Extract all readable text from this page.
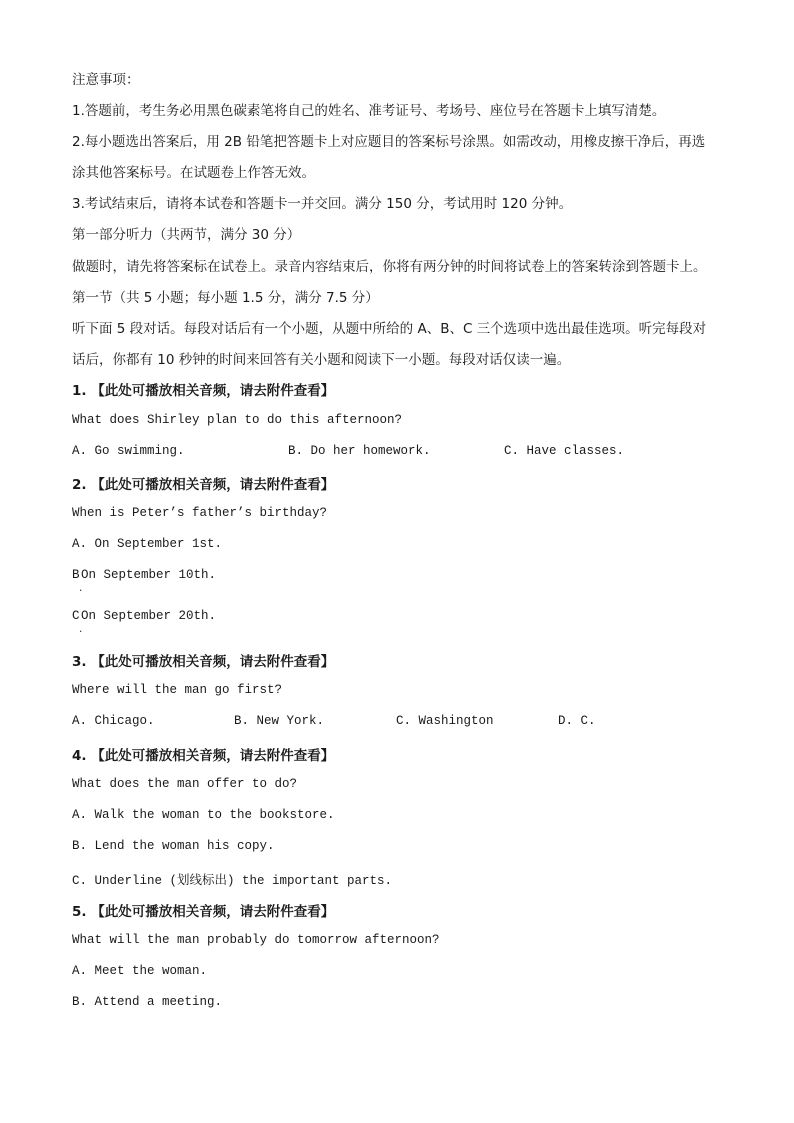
注意事项：
1.答题前，考生务必用黑色碳素笔将自己的姓名、准考证号、考场号、座位号在答题卡上填写清楚。
2.每小题选出答案后，用 2B 铅笔把答题卡上对应题目的答案标号涂黑。如需改动，用橡皮擦干净后，再选
涂其他答案标号。在试题卷上作答无效。
3.考试结束后，请将本试卷和答题卡一并交回。满分 150 分，考试用时 120 分钟。
第一部分听力（共两节，满分 30 分）
做题时，请先将答案标在试卷上。录音内容结束后，你将有两分钟的时间将试卷上的答案转涂到答题卡上。
第一节（共 5 小题；每小题 1.5 分，满分 7.5 分）
听下面 5 段对话。每段对话后有一个小题，从题中所给的 A、B、C 三个选项中选出最佳选项。听完每段对
话后，你都有 10 秒钟的时间来回答有关小题和阅读下一小题。每段对话仅读一遍。
1. 【此处可播放相关音频，请去附件查看】
What does Shirley plan to do this afternoon?
A. Go swimming.	B. Do her homework.	C. Have classes.
2. 【此处可播放相关音频，请去附件查看】
When is Peter’s father’s birthday?
A. On September 1st.
B On September 10th.
.
C On September 20th.
.
3. 【此处可播放相关音频，请去附件查看】
Where will the man go first?
A. Chicago.	B. New York.	C. Washington	D. C.
4. 【此处可播放相关音频，请去附件查看】
What does the man offer to do?
A. Walk the woman to the bookstore.
B. Lend the woman his copy.
C. Underline (划线标出) the important parts.
5. 【此处可播放相关音频，请去附件查看】
What will the man probably do tomorrow afternoon?
A. Meet the woman.
B. Attend a meeting.
